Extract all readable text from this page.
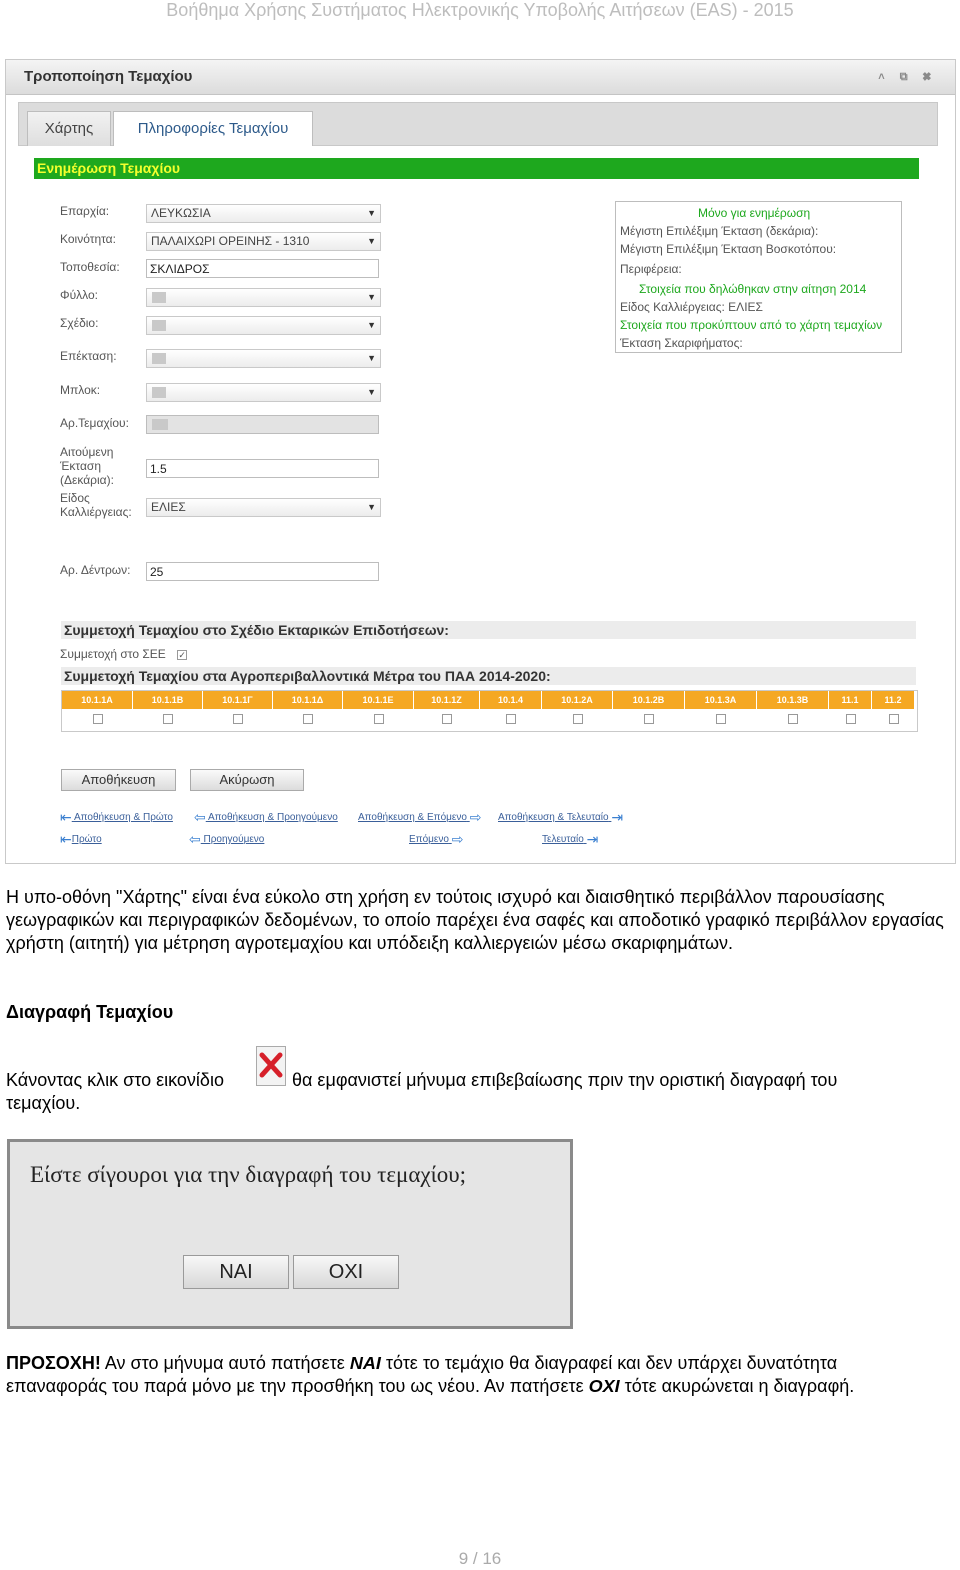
Βοήθημα Χρήσης Συστήματος Ηλεκτρονικής Υποβολής Αιτήσεων (EAS) - 2015
Τροποποίηση Τεμαχίου	˄ ⧉ ✖
Χάρτης	Πληροφορίες Τεμαχίου
Ενημέρωση Τεμαχίου
Επαρχία:	ΛΕΥΚΩΣΙΑ	▼
Κοινότητα:	ΠΑΛΑΙΧΩΡΙ ΟΡΕΙΝΗΣ - 1310	▼
Τοποθεσία:	ΣΚΛΙΔΡΟΣ
Φύλλο:	▼
Σχέδιο:	▼
Επέκταση:	▼
Μπλοκ:	▼
Αρ.Τεμαχίου:
Αιτούμενη
Έκταση
(Δεκάρια):
1.5
Είδος
Καλλιέργειας:	ΕΛΙΕΣ	▼
Αρ. Δέντρων:	25
Μόνο για ενημέρωση
Μέγιστη Επιλέξιμη Έκταση (δεκάρια):
Μέγιστη Επιλέξιμη Έκταση Βοσκοτόπου:
Περιφέρεια:
Στοιχεία που δηλώθηκαν στην αίτηση 2014
Είδος Καλλιέργειας: ΕΛΙΕΣ
Στοιχεία που προκύπτουν από το χάρτη τεμαχίων
Έκταση Σκαριφήματος:
Συμμετοχή Τεμαχίου στο Σχέδιο Εκταρικών Επιδοτήσεων:
Συμμετοχή στο ΣΕΕ ✓
Συμμετοχή Τεμαχίου στα Αγροπεριβαλλοντικά Μέτρα του ΠΑΑ 2014-2020:
10.1.1Α	10.1.1Β	10.1.1Γ	10.1.1Δ	10.1.1Ε	10.1.1Ζ	10.1.4	10.1.2Α	10.1.2Β	10.1.3Α	10.1.3Β	11.1	11.2
Αποθήκευση	Ακύρωση
⇤ Αποθήκευση & Πρώτο ⇦ Αποθήκευση & Προηγούμενο Αποθήκευση & Επόμενο ⇨ Αποθήκευση & Τελευταίο ⇥
⇤Πρώτο	⇦ Προηγούμενο	Επόμενο ⇨	Τελευταίο ⇥
Η υπο-οθόνη "Χάρτης" είναι ένα εύκολο στη χρήση εν τούτοις ισχυρό και διαισθητικό περιβάλλον παρουσίασης γεωγραφικών και περιγραφικών δεδομένων, το οποίο παρέχει ένα σαφές και αποδοτικό γραφικό περιβάλλον εργασίας χρήστη (αιτητή) για μέτρηση αγροτεμαχίου και υπόδειξη καλλιεργειών μέσω σκαριφημάτων.
Διαγραφή Τεμαχίου
Κάνοντας κλικ στο εικονίδιο	θα εμφανιστεί μήνυμα επιβεβαίωσης πριν την οριστική διαγραφή του
τεμαχίου.
Είστε σίγουροι για την διαγραφή του τεμαχίου;
ΝΑΙ	ΟΧΙ
ΠΡΟΣΟΧΗ! Αν στο μήνυμα αυτό πατήσετε ΝΑΙ τότε το τεμάχιο θα διαγραφεί και δεν υπάρχει δυνατότητα
επαναφοράς του παρά μόνο με την προσθήκη του ως νέου. Αν πατήσετε ΟΧΙ τότε ακυρώνεται η διαγραφή.
9 / 16
